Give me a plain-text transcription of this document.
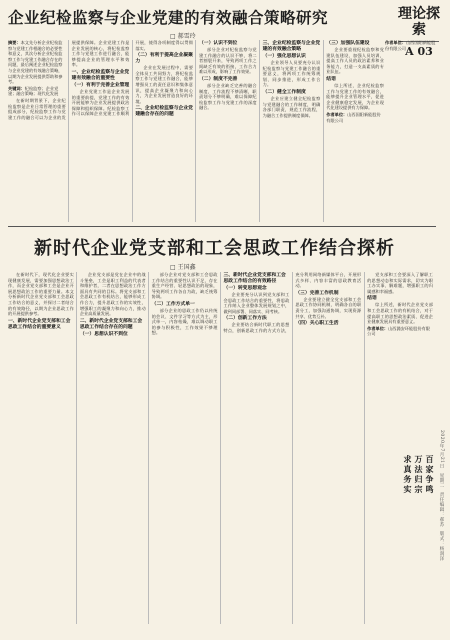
理论探索
A 03
企业纪检监察与企业党建的有效融合策略研究
□ 郝雪玲

摘要：本文先分析企业纪检监察与党建工作相融合的必要性和意义，其次分析企业纪检监察工作与党建工作融合存在的问题，最后阐述企业纪检监察与企业党建的有效融合策略，以期为企业发展提供帮助和参考。

关键词：纪检监察；企业党建；融合策略；现代化发展

在新时期背景下，企业纪检监察是企业日常管理的重要组成部分，纪检监察工作与党建工作的融合可以为企业的发展提供保障。企业党建工作是企业发展的核心，将纪检监察工作与党建工作进行融合，能够提高企业的管理水平和效率。

一、企业纪检监察与企业党建有效融合的重要性

（一）有利于完善企业管理

企业党建工作是企业发展的重要前提，党建工作的有效开展能够为企业发展提供政治保障和组织保障。纪检监察工作可以保障企业党建工作顺利开展，使得各项制度得以贯彻落实。

（二）有利于提高企业凝聚力

企业在发展过程中，需要全体员工共同努力，将纪检监察工作与党建工作融合，能够增强员工的责任意识和集体意识，提高企业凝聚力和向心力，为企业发展营造良好的环境。

二、企业纪检监察与企业党建融合存在的问题

（一）认识不到位

部分企业对纪检监察与党建工作融合的认识不够，将二者割裂开来，导致两项工作之间缺乏有效的衔接，工作合力难以形成，影响了工作效果。

（二）制度不完善

部分企业缺乏完善的融合制度，工作流程不够清晰，职责划分不够明确，难以保障纪检监察工作与党建工作的深度融合。

三、企业纪检监察与企业党建的有效融合策略

（一）强化思想认识

企业领导人员要充分认识纪检监察与党建工作融合的重要意义，将两项工作统筹规划、同步推进，形成工作合力。

（二）健全工作制度

企业应建立健全纪检监察与党建融合的工作制度，明确各部门职责，规范工作流程，为融合工作提供制度保障。

（三）加强队伍建设

企业要重视纪检监察和党建队伍建设，加强人员培训，提高工作人员的政治素养和业务能力，打造一支高素质的专业队伍。

结语

综上所述，企业纪检监察工作与党建工作的有效融合，能够提升企业管理水平，促进企业健康稳定发展，为企业现代化建设提供有力保障。

作者单位：山西国阳新能股份有限公司

作者单位：山西国阳新能股份有限公司

新时代企业党支部和工会思政工作结合探析
□ 王国鑫

在新时代下，现代化企业要实现健康发展，需要加强思想政治工作，而企业党支部和工会是企业开展思想政治工作的重要力量。本文分析新时代企业党支部和工会思政工作结合的意义，并探讨二者结合的有效路径，以期为企业思政工作的开展提供参考。

一、新时代企业党支部和工会思政工作结合的重要意义

企业党支部是党在企业中的战斗堡垒，工会是职工利益的代表者和维护者，二者在思想政治工作方面具有共同的目标。将党支部和工会思政工作有机结合，能够形成工作合力，提升思政工作的实效性，增强职工的凝聚力和向心力，推动企业高质量发展。

二、新时代企业党支部和工会思政工作结合存在的问题

（一）思想认识不到位

部分企业对党支部和工会思政工作结合的重要性认识不足，存在重生产经营、轻思想政治的现象，导致两项工作各自为政，缺乏统筹协调。

（二）工作方式单一

部分企业的思政工作仍以传统的会议、文件学习等方式为主，形式单一，内容枯燥，难以调动职工的参与积极性，工作效果不够理想。

三、新时代企业党支部和工会思政工作结合的有效路径

（一）转变思想观念

企业要充分认识到党支部和工会思政工作结合的重要性，将思政工作纳入企业整体发展规划之中，做到同部署、同落实、同考核。

（二）创新工作方法

企业要结合新时代职工的思想特点，创新思政工作的方式方法，充分利用网络新媒体平台，开展形式多样、内容丰富的思政教育活动。

（三）完善工作机制

企业要建立健全党支部和工会思政工作协同机制，明确各自的职责分工，加强沟通协调，实现资源共享、优势互补。

（四）关心职工生活

党支部和工会要深入了解职工的思想动态和实际需求，切实为职工办实事、解难题，增强职工的归属感和幸福感。

结语

综上所述，新时代企业党支部和工会思政工作的有机结合，对于提高职工的思想政治素质、促进企业健康发展具有重要意义。

作者单位：山西潞安环能股份有限公司

百家争鸣
万法归宗
求真务实
2020年7月21日星期二责任编辑：郝苏版式：杨润泽
